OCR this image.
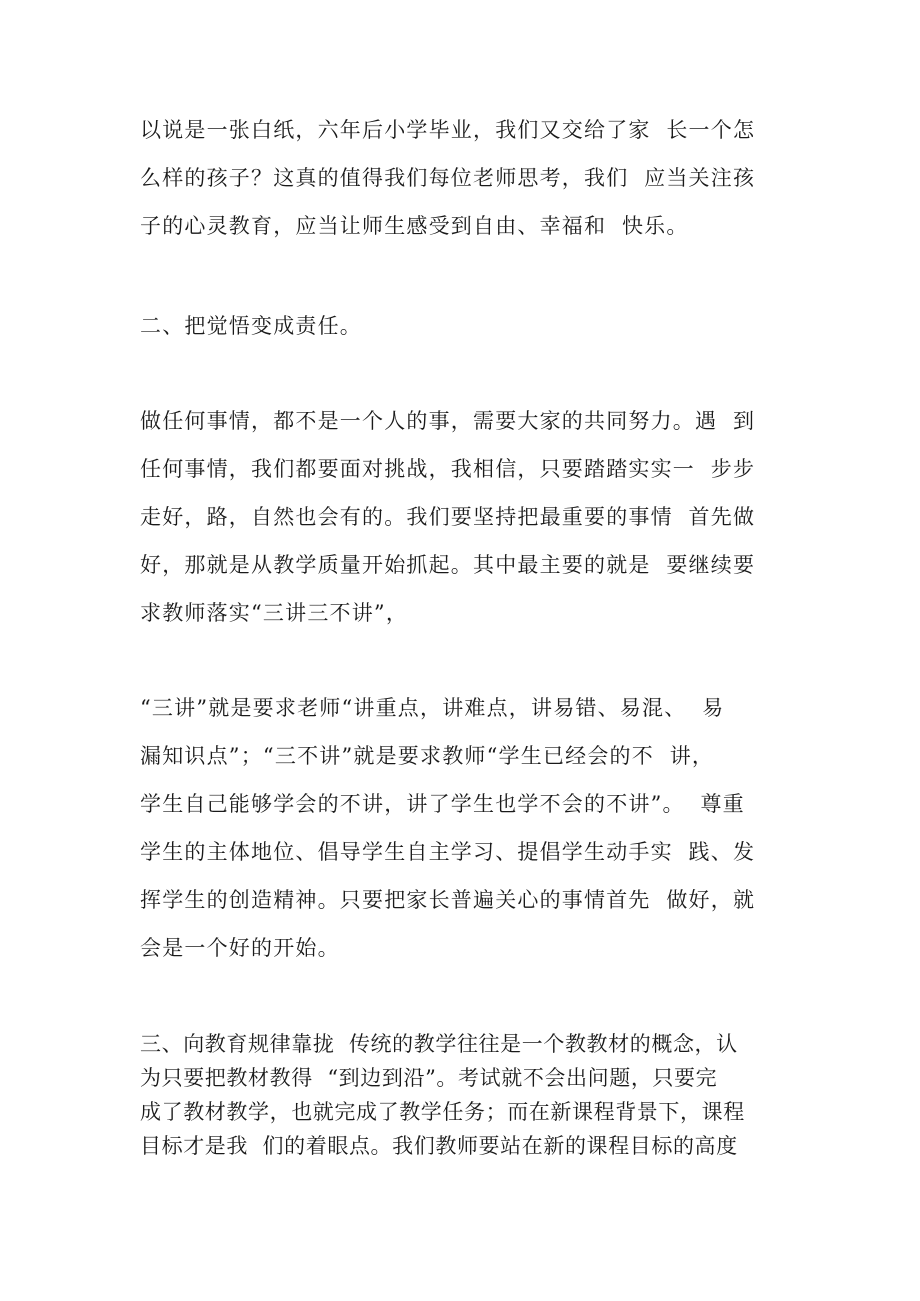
以说是一张白纸，六年后小学毕业，我们又交给了家  长一个怎
么样的孩子？这真的值得我们每位老师思考，我们  应当关注孩
子的心灵教育，应当让师生感受到自由、幸福和  快乐。
二、把觉悟变成责任。
做任何事情，都不是一个人的事，需要大家的共同努力。遇  到
任何事情，我们都要面对挑战，我相信，只要踏踏实实一  步步
走好，路，自然也会有的。我们要坚持把最重要的事情  首先做
好，那就是从教学质量开始抓起。其中最主要的就是  要继续要
求教师落实“三讲三不讲”，
“三讲”就是要求老师“讲重点，讲难点，讲易错、易混、  易
漏知识点”；“三不讲”就是要求教师“学生已经会的不  讲，
学生自己能够学会的不讲，讲了学生也学不会的不讲”。  尊重
学生的主体地位、倡导学生自主学习、提倡学生动手实  践、发
挥学生的创造精神。只要把家长普遍关心的事情首先  做好，就
会是一个好的开始。
三、向教育规律靠拢  传统的教学往往是一个教教材的概念，认
为只要把教材教得  “到边到沿”。考试就不会出问题，只要完
成了教材教学，也就完成了教学任务；而在新课程背景下，课程
目标才是我  们的着眼点。我们教师要站在新的课程目标的高度
